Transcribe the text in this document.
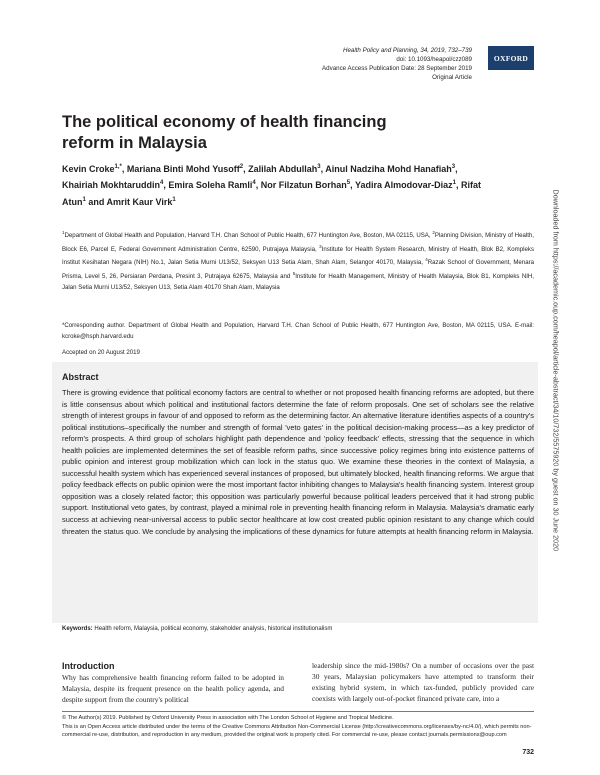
Health Policy and Planning, 34, 2019, 732–739
doi: 10.1093/heapol/czz089
Advance Access Publication Date: 28 September 2019
Original Article
OXFORD
The political economy of health financing reform in Malaysia
Kevin Croke$^{1,*}$, Mariana Binti Mohd Yusoff$^2$, Zalilah Abdullah$^3$, Ainul Nadziha Mohd Hanafiah$^3$, Khairiah Mokhtaruddin$^4$, Emira Soleha Ramli$^4$, Nor Filzatun Borhan$^5$, Yadira Almodovar-Diaz$^1$, Rifat Atun$^1$ and Amrit Kaur Virk$^1$
$^1$Department of Global Health and Population, Harvard T.H. Chan School of Public Health, 677 Huntington Ave, Boston, MA 02115, USA, $^2$Planning Division, Ministry of Health, Block E6, Parcel E, Federal Government Administration Centre, 62590, Putrajaya Malaysia, $^3$Institute for Health System Research, Ministry of Health, Blok B2, Kompleks Institut Kesihatan Negara (NIH) No.1, Jalan Setia Murni U13/52, Seksyen U13 Setia Alam, Shah Alam, Selangor 40170, Malaysia, $^4$Razak School of Government, Menara Prisma, Level 5, 26, Persiaran Perdana, Presint 3, Putrajaya 62675, Malaysia and $^5$Institute for Health Management, Ministry of Health Malaysia, Blok B1, Kompleks NIH, Jalan Setia Murni U13/52, Seksyen U13, Setia Alam 40170 Shah Alam, Malaysia
*Corresponding author. Department of Global Health and Population, Harvard T.H. Chan School of Public Health, 677 Huntington Ave, Boston, MA 02115, USA. E-mail: kcroke@hsph.harvard.edu
Accepted on 20 August 2019
Abstract
There is growing evidence that political economy factors are central to whether or not proposed health financing reforms are adopted, but there is little consensus about which political and institutional factors determine the fate of reform proposals. One set of scholars see the relative strength of interest groups in favour of and opposed to reform as the determining factor. An alternative literature identifies aspects of a country's political institutions–specifically the number and strength of formal 'veto gates' in the political decision-making process—as a key predictor of reform's prospects. A third group of scholars highlight path dependence and 'policy feedback' effects, stressing that the sequence in which health policies are implemented determines the set of feasible reform paths, since successive policy regimes bring into existence patterns of public opinion and interest group mobilization which can lock in the status quo. We examine these theories in the context of Malaysia, a successful health system which has experienced several instances of proposed, but ultimately blocked, health financing reforms. We argue that policy feedback effects on public opinion were the most important factor inhibiting changes to Malaysia's health financing system. Interest group opposition was a closely related factor; this opposition was particularly powerful because political leaders perceived that it had strong public support. Institutional veto gates, by contrast, played a minimal role in preventing health financing reform in Malaysia. Malaysia's dramatic early success at achieving near-universal access to public sector healthcare at low cost created public opinion resistant to any change which could threaten the status quo. We conclude by analysing the implications of these dynamics for future attempts at health financing reform in Malaysia.
Keywords: Health reform, Malaysia, political economy, stakeholder analysis, historical institutionalism
Introduction
Why has comprehensive health financing reform failed to be adopted in Malaysia, despite its frequent presence on the health policy agenda, and despite support from the country's political
leadership since the mid-1980s? On a number of occasions over the past 30 years, Malaysian policymakers have attempted to transform their existing hybrid system, in which tax-funded, publicly provided care coexists with largely out-of-pocket financed private care, into a
© The Author(s) 2019. Published by Oxford University Press in association with The London School of Hygiene and Tropical Medicine.
This is an Open Access article distributed under the terms of the Creative Commons Attribution Non-Commercial License (http://creativecommons.org/licenses/by-nc/4.0/), which permits non-commercial re-use, distribution, and reproduction in any medium, provided the original work is properly cited. For commercial re-use, please contact journals.permissions@oup.com
732
Downloaded from https://academic.oup.com/heapol/article-abstract/34/10/732/5575920 by guest on 30 June 2020
